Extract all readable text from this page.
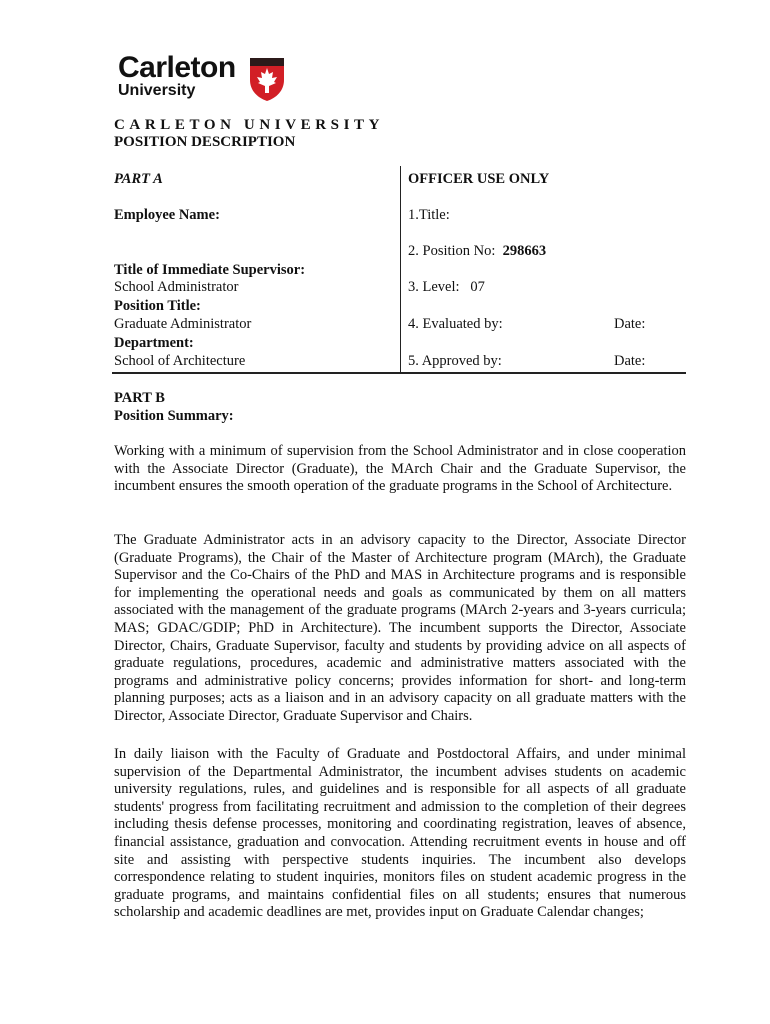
Carleton
University
CARLETON UNIVERSITY
POSITION DESCRIPTION
PART A
Employee Name:
Title of Immediate Supervisor:
School Administrator
Position Title:
Graduate Administrator
Department:
School of Architecture
OFFICER USE ONLY
1.Title:
2. Position No: 298663
3. Level:   07
4. Evaluated by:	Date:
5. Approved by:	Date:
PART B
Position Summary:

Working with a minimum of supervision from the School Administrator and in close cooperation with the Associate Director (Graduate), the MArch Chair and the Graduate Supervisor, the incumbent ensures the smooth operation of the graduate programs in the School of Architecture.

The Graduate Administrator acts in an advisory capacity to the Director, Associate Director (Graduate Programs), the Chair of the Master of Architecture program (MArch), the Graduate Supervisor and the Co-Chairs of the PhD and MAS in Architecture programs and is responsible for implementing the operational needs and goals as communicated by them on all matters associated with the management of the graduate programs (MArch 2-years and 3-years curricula; MAS; GDAC/GDIP; PhD in Architecture). The incumbent supports the Director, Associate Director, Chairs, Graduate Supervisor, faculty and students by providing advice on all aspects of graduate regulations, procedures, academic and administrative matters associated with the programs and administrative policy concerns; provides information for short- and long-term planning purposes; acts as a liaison and in an advisory capacity on all graduate matters with the Director, Associate Director, Graduate Supervisor and Chairs.

In daily liaison with the Faculty of Graduate and Postdoctoral Affairs, and under minimal supervision of the Departmental Administrator, the incumbent advises students on academic university regulations, rules, and guidelines and is responsible for all aspects of all graduate students' progress from facilitating recruitment and admission to the completion of their degrees including thesis defense processes, monitoring and coordinating registration, leaves of absence, financial assistance, graduation and convocation. Attending recruitment events in house and off site and assisting with perspective students inquiries. The incumbent also develops correspondence relating to student inquiries, monitors files on student academic progress in the graduate programs, and maintains confidential files on all students; ensures that numerous scholarship and academic deadlines are met, provides input on Graduate Calendar changes;
